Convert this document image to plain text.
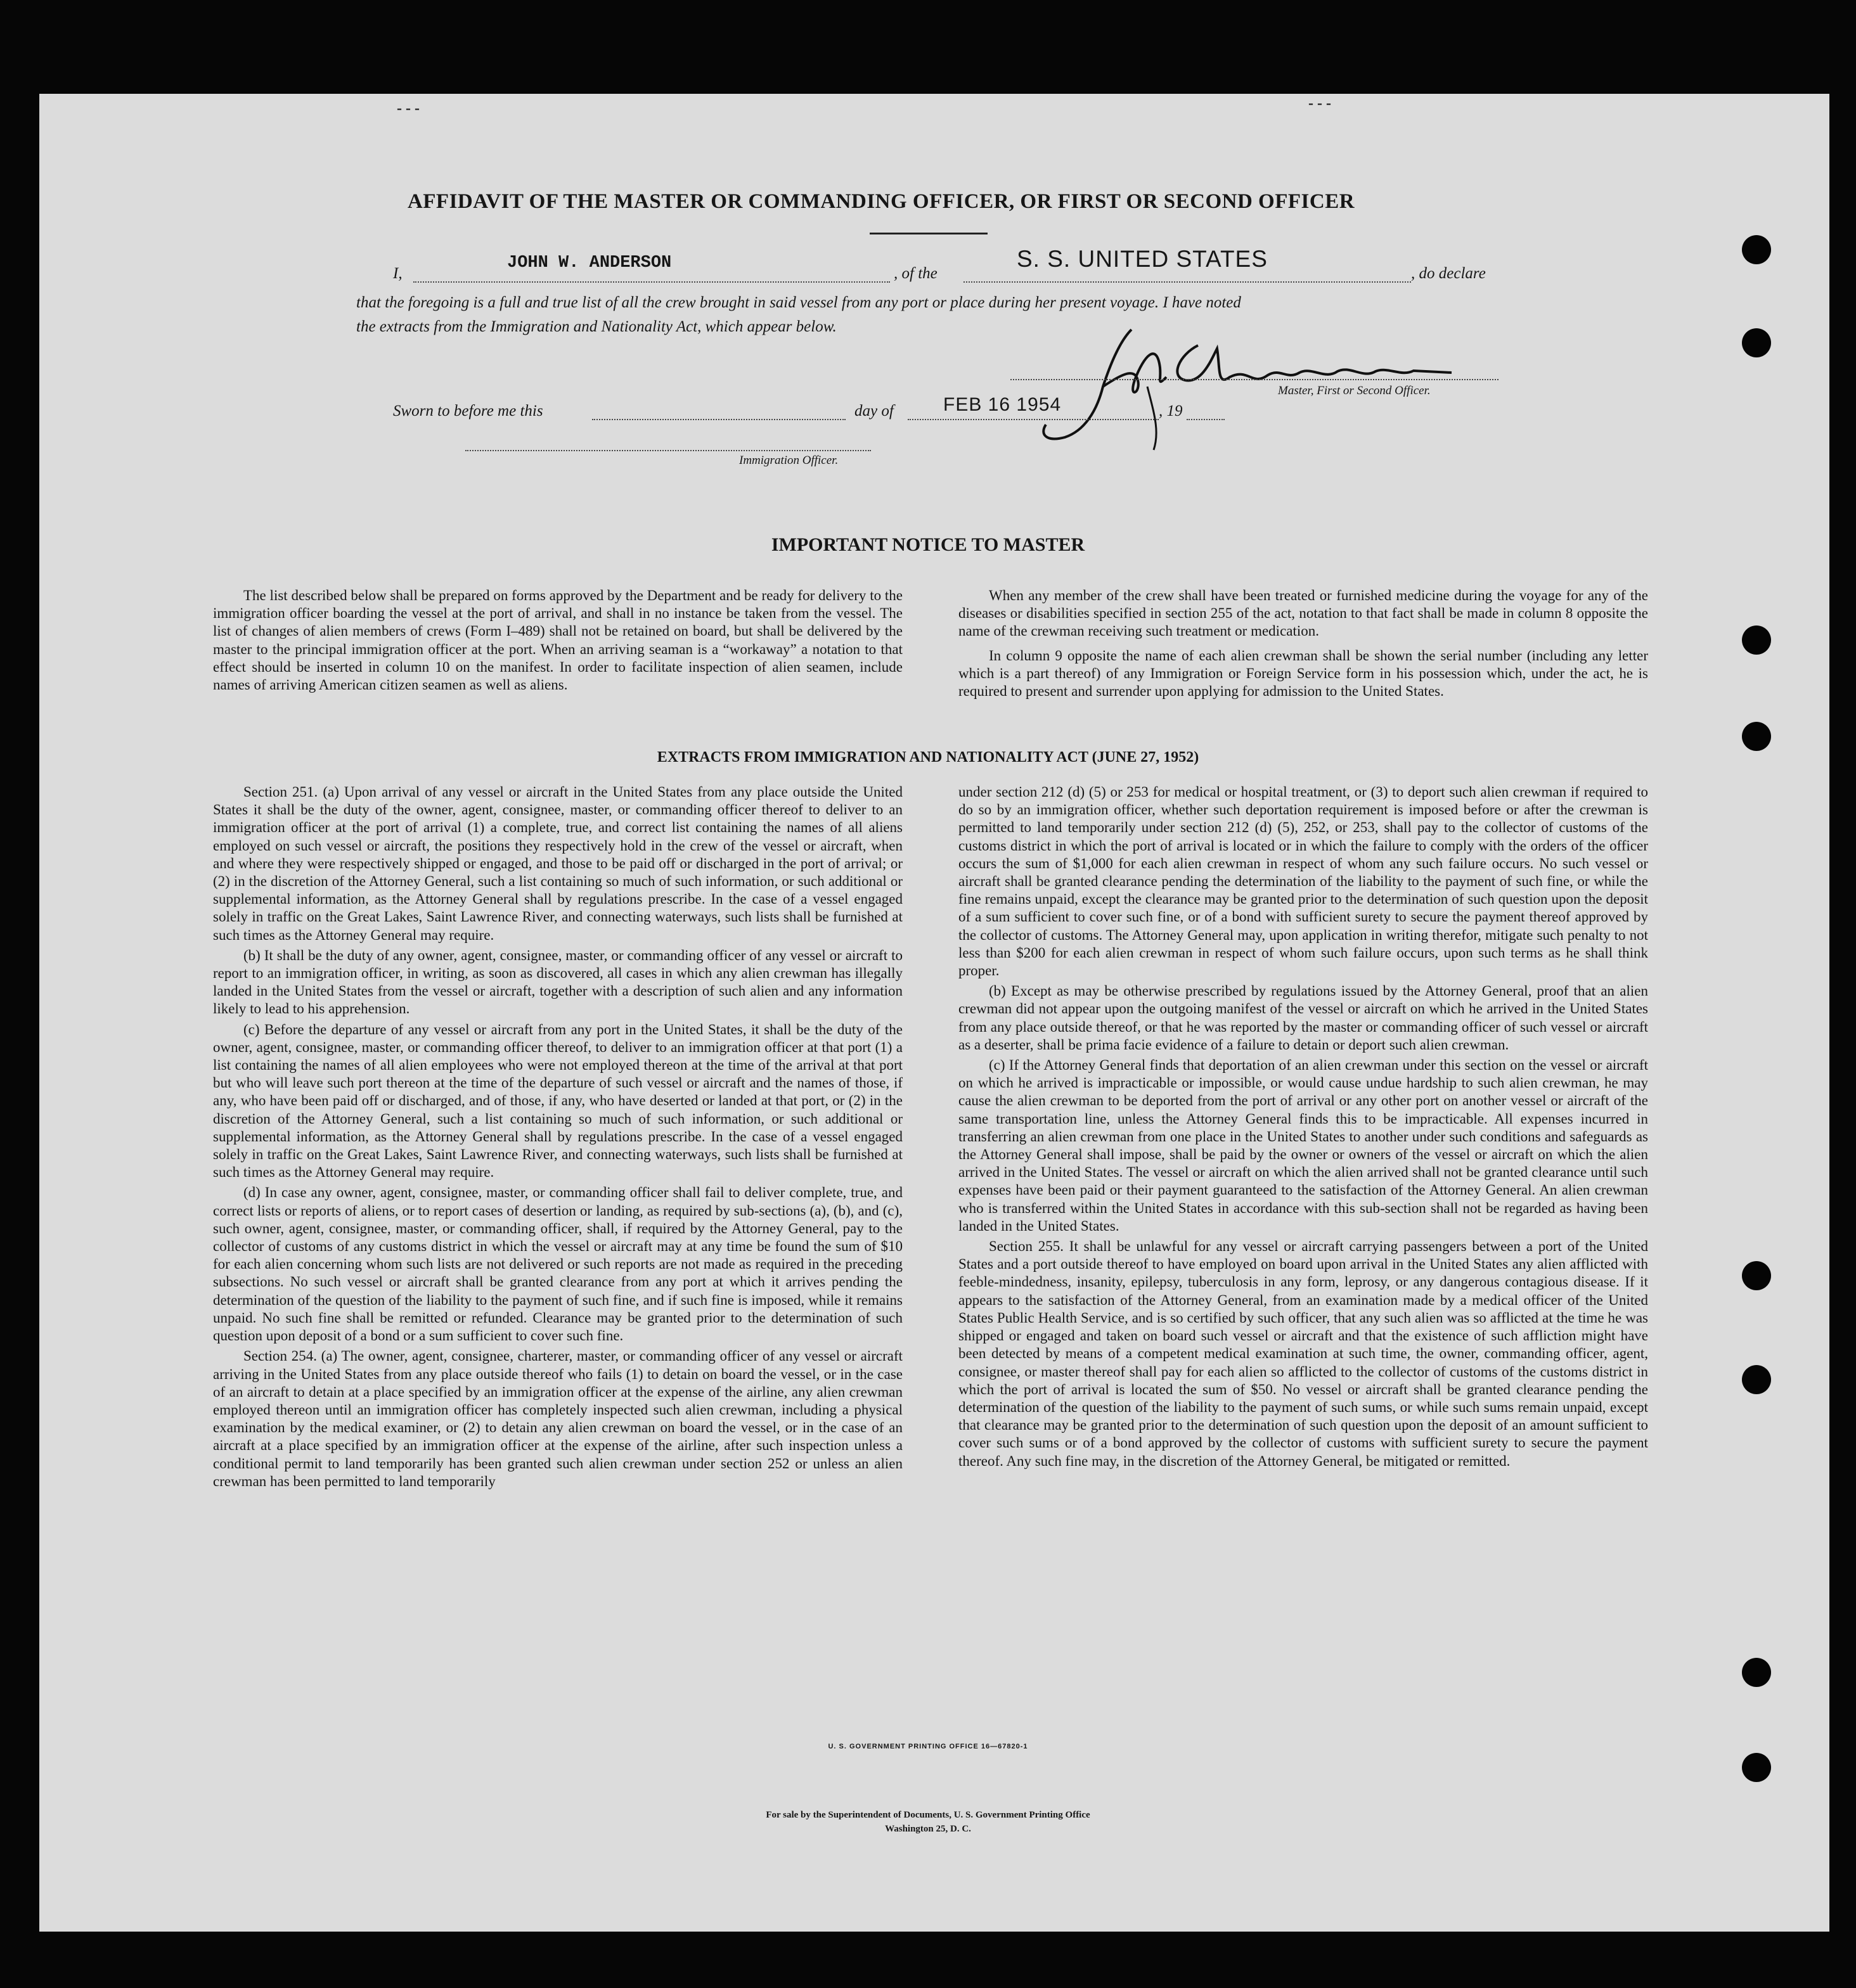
- - -	- - -
AFFIDAVIT OF THE MASTER OR COMMANDING OFFICER, OR FIRST OR SECOND OFFICER
I,
JOHN W. ANDERSON
, of the
S. S. UNITED STATES
, do declare
that the foregoing is a full and true list of all the crew brought in said vessel from any port or place during her present voyage. I have noted
the extracts from the Immigration and Nationality Act, which appear below.
Master, First or Second Officer.
Sworn to before me this	day of	FEB 16 1954	, 19
Immigration Officer.
IMPORTANT NOTICE TO MASTER

The list described below shall be prepared on forms approved by the Department and be ready for delivery to the immigration officer boarding the vessel at the port of arrival, and shall in no instance be taken from the vessel. The list of changes of alien members of crews (Form I–489) shall not be retained on board, but shall be delivered by the master to the principal immigration officer at the port. When an arriving seaman is a “workaway” a notation to that effect should be inserted in column 10 on the manifest. In order to facilitate inspection of alien seamen, include names of arriving American citizen seamen as well as aliens.

When any member of the crew shall have been treated or furnished medicine during the voyage for any of the diseases or disabilities specified in section 255 of the act, notation to that fact shall be made in column 8 opposite the name of the crewman receiving such treatment or medication.

In column 9 opposite the name of each alien crewman shall be shown the serial number (including any letter which is a part thereof) of any Immigration or Foreign Service form in his possession which, under the act, he is required to present and surrender upon applying for admission to the United States.

EXTRACTS FROM IMMIGRATION AND NATIONALITY ACT (JUNE 27, 1952)

Section 251. (a) Upon arrival of any vessel or aircraft in the United States from any place outside the United States it shall be the duty of the owner, agent, consignee, master, or commanding officer thereof to deliver to an immigration officer at the port of arrival (1) a complete, true, and correct list containing the names of all aliens employed on such vessel or aircraft, the positions they respectively hold in the crew of the vessel or aircraft, when and where they were respectively shipped or engaged, and those to be paid off or discharged in the port of arrival; or (2) in the discretion of the Attorney General, such a list containing so much of such information, or such additional or supplemental information, as the Attorney General shall by regulations prescribe. In the case of a vessel engaged solely in traffic on the Great Lakes, Saint Lawrence River, and connecting waterways, such lists shall be furnished at such times as the Attorney General may require.

(b) It shall be the duty of any owner, agent, consignee, master, or commanding officer of any vessel or aircraft to report to an immigration officer, in writing, as soon as discovered, all cases in which any alien crewman has illegally landed in the United States from the vessel or aircraft, together with a description of such alien and any information likely to lead to his apprehension.

(c) Before the departure of any vessel or aircraft from any port in the United States, it shall be the duty of the owner, agent, consignee, master, or commanding officer thereof, to deliver to an immigration officer at that port (1) a list containing the names of all alien employees who were not employed thereon at the time of the arrival at that port but who will leave such port thereon at the time of the departure of such vessel or aircraft and the names of those, if any, who have been paid off or discharged, and of those, if any, who have deserted or landed at that port, or (2) in the discretion of the Attorney General, such a list containing so much of such information, or such additional or supplemental information, as the Attorney General shall by regulations prescribe. In the case of a vessel engaged solely in traffic on the Great Lakes, Saint Lawrence River, and connecting waterways, such lists shall be furnished at such times as the Attorney General may require.

(d) In case any owner, agent, consignee, master, or commanding officer shall fail to deliver complete, true, and correct lists or reports of aliens, or to report cases of desertion or landing, as required by sub-sections (a), (b), and (c), such owner, agent, consignee, master, or commanding officer, shall, if required by the Attorney General, pay to the collector of customs of any customs district in which the vessel or aircraft may at any time be found the sum of $10 for each alien concerning whom such lists are not delivered or such reports are not made as required in the preceding subsections. No such vessel or aircraft shall be granted clearance from any port at which it arrives pending the determination of the question of the liability to the payment of such fine, and if such fine is imposed, while it remains unpaid. No such fine shall be remitted or refunded. Clearance may be granted prior to the determination of such question upon deposit of a bond or a sum sufficient to cover such fine.

Section 254. (a) The owner, agent, consignee, charterer, master, or commanding officer of any vessel or aircraft arriving in the United States from any place outside thereof who fails (1) to detain on board the vessel, or in the case of an aircraft to detain at a place specified by an immigration officer at the expense of the airline, any alien crewman employed thereon until an immigration officer has completely inspected such alien crewman, including a physical examination by the medical examiner, or (2) to detain any alien crewman on board the vessel, or in the case of an aircraft at a place specified by an immigration officer at the expense of the airline, after such inspection unless a conditional permit to land temporarily has been granted such alien crewman under section 252 or unless an alien crewman has been permitted to land temporarily

under section 212 (d) (5) or 253 for medical or hospital treatment, or (3) to deport such alien crewman if required to do so by an immigration officer, whether such deportation requirement is imposed before or after the crewman is permitted to land temporarily under section 212 (d) (5), 252, or 253, shall pay to the collector of customs of the customs district in which the port of arrival is located or in which the failure to comply with the orders of the officer occurs the sum of $1,000 for each alien crewman in respect of whom any such failure occurs. No such vessel or aircraft shall be granted clearance pending the determination of the liability to the payment of such fine, or while the fine remains unpaid, except the clearance may be granted prior to the determination of such question upon the deposit of a sum sufficient to cover such fine, or of a bond with sufficient surety to secure the payment thereof approved by the collector of customs. The Attorney General may, upon application in writing therefor, mitigate such penalty to not less than $200 for each alien crewman in respect of whom such failure occurs, upon such terms as he shall think proper.

(b) Except as may be otherwise prescribed by regulations issued by the Attorney General, proof that an alien crewman did not appear upon the outgoing manifest of the vessel or aircraft on which he arrived in the United States from any place outside thereof, or that he was reported by the master or commanding officer of such vessel or aircraft as a deserter, shall be prima facie evidence of a failure to detain or deport such alien crewman.

(c) If the Attorney General finds that deportation of an alien crewman under this section on the vessel or aircraft on which he arrived is impracticable or impossible, or would cause undue hardship to such alien crewman, he may cause the alien crewman to be deported from the port of arrival or any other port on another vessel or aircraft of the same transportation line, unless the Attorney General finds this to be impracticable. All expenses incurred in transferring an alien crewman from one place in the United States to another under such conditions and safeguards as the Attorney General shall impose, shall be paid by the owner or owners of the vessel or aircraft on which the alien arrived in the United States. The vessel or aircraft on which the alien arrived shall not be granted clearance until such expenses have been paid or their payment guaranteed to the satisfaction of the Attorney General. An alien crewman who is transferred within the United States in accordance with this sub-section shall not be regarded as having been landed in the United States.

Section 255. It shall be unlawful for any vessel or aircraft carrying passengers between a port of the United States and a port outside thereof to have employed on board upon arrival in the United States any alien afflicted with feeble-mindedness, insanity, epilepsy, tuberculosis in any form, leprosy, or any dangerous contagious disease. If it appears to the satisfaction of the Attorney General, from an examination made by a medical officer of the United States Public Health Service, and is so certified by such officer, that any such alien was so afflicted at the time he was shipped or engaged and taken on board such vessel or aircraft and that the existence of such affliction might have been detected by means of a competent medical examination at such time, the owner, commanding officer, agent, consignee, or master thereof shall pay for each alien so afflicted to the collector of customs of the customs district in which the port of arrival is located the sum of $50. No vessel or aircraft shall be granted clearance pending the determination of the question of the liability to the payment of such sums, or while such sums remain unpaid, except that clearance may be granted prior to the determination of such question upon the deposit of an amount sufficient to cover such sums or of a bond approved by the collector of customs with sufficient surety to secure the payment thereof. Any such fine may, in the discretion of the Attorney General, be mitigated or remitted.

U. S. GOVERNMENT PRINTING OFFICE 16—67820-1
For sale by the Superintendent of Documents, U. S. Government Printing Office
Washington 25, D. C.
